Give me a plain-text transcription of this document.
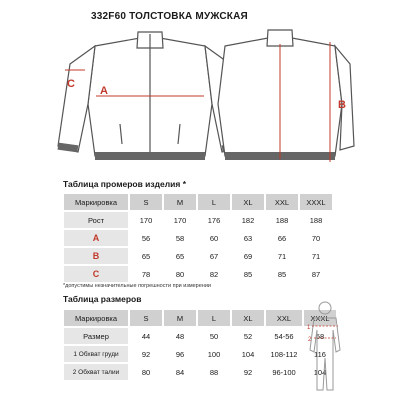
332F60 ТОЛСТОВКА МУЖСКАЯ
A
C
B
Таблица промеров изделия *
Маркировка	S	M	L	XL	XXL	XXXL
Рост	170	170	176	182	188	188
A	56	58	60	63	66	70
B	65	65	67	69	71	71
C	78	80	82	85	85	87
*допустимы незначительные погрешности при измерении
Таблица размеров
Маркировка	S	M	L	XL	XXL	XXXL
Размер	44	48	50	52	54-56	58
1 Обхват груди	92	96	100	104	108-112	116
2 Обхват талии	80	84	88	92	96-100	104
1
2
